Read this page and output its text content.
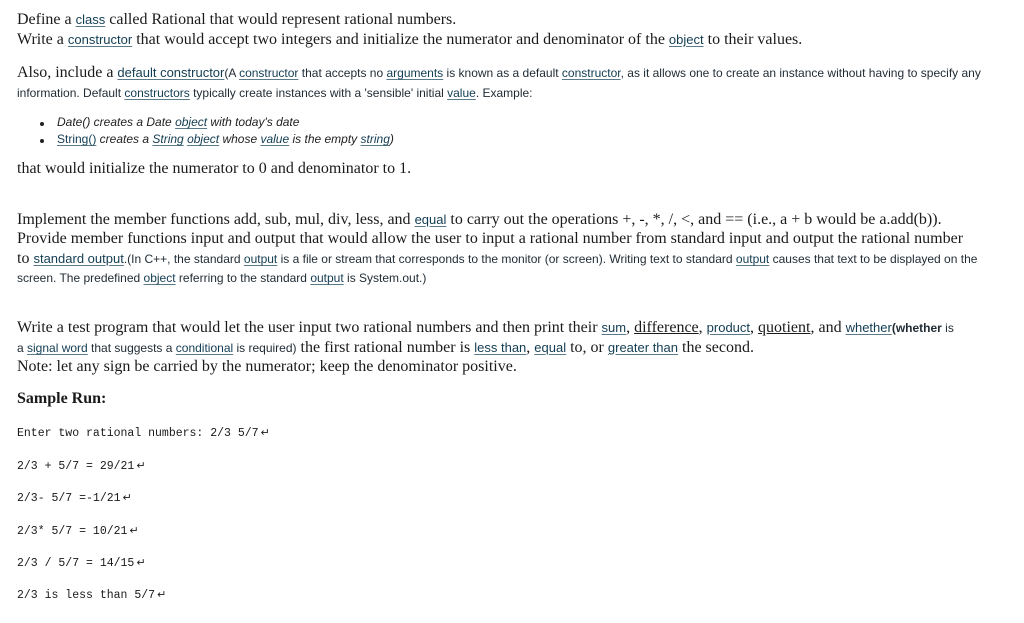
Define a class called Rational that would represent rational numbers.
Write a constructor that would accept two integers and initialize the numerator and denominator of the object to their values.
Also, include a default constructor(A constructor that accepts no arguments is known as a default constructor, as it allows one to create an instance without having to specify any
information. Default constructors typically create instances with a 'sensible' initial value. Example:
Date() creates a Date object with today's date
String() creates a String object whose value is the empty string)
that would initialize the numerator to 0 and denominator to 1.
Implement the member functions add, sub, mul, div, less, and equal to carry out the operations +, -, *, /, <, and == (i.e., a + b would be a.add(b)).
Provide member functions input and output that would allow the user to input a rational number from standard input and output the rational number
to standard output.(In C++, the standard output is a file or stream that corresponds to the monitor (or screen). Writing text to standard output causes that text to be displayed on the
screen. The predefined object referring to the standard output is System.out.)
Write a test program that would let the user input two rational numbers and then print their sum, difference, product, quotient, and whether(whether is
a signal word that suggests a conditional is required) the first rational number is less than, equal to, or greater than the second.
Note: let any sign be carried by the numerator; keep the denominator positive.
Sample Run:
Enter two rational numbers: 2/3 5/7 ↵
2/3 + 5/7 = 29/21 ↵
2/3- 5/7 =-1/21 ↵
2/3* 5/7 = 10/21 ↵
2/3 / 5/7 = 14/15 ↵
2/3 is less than 5/7 ↵
